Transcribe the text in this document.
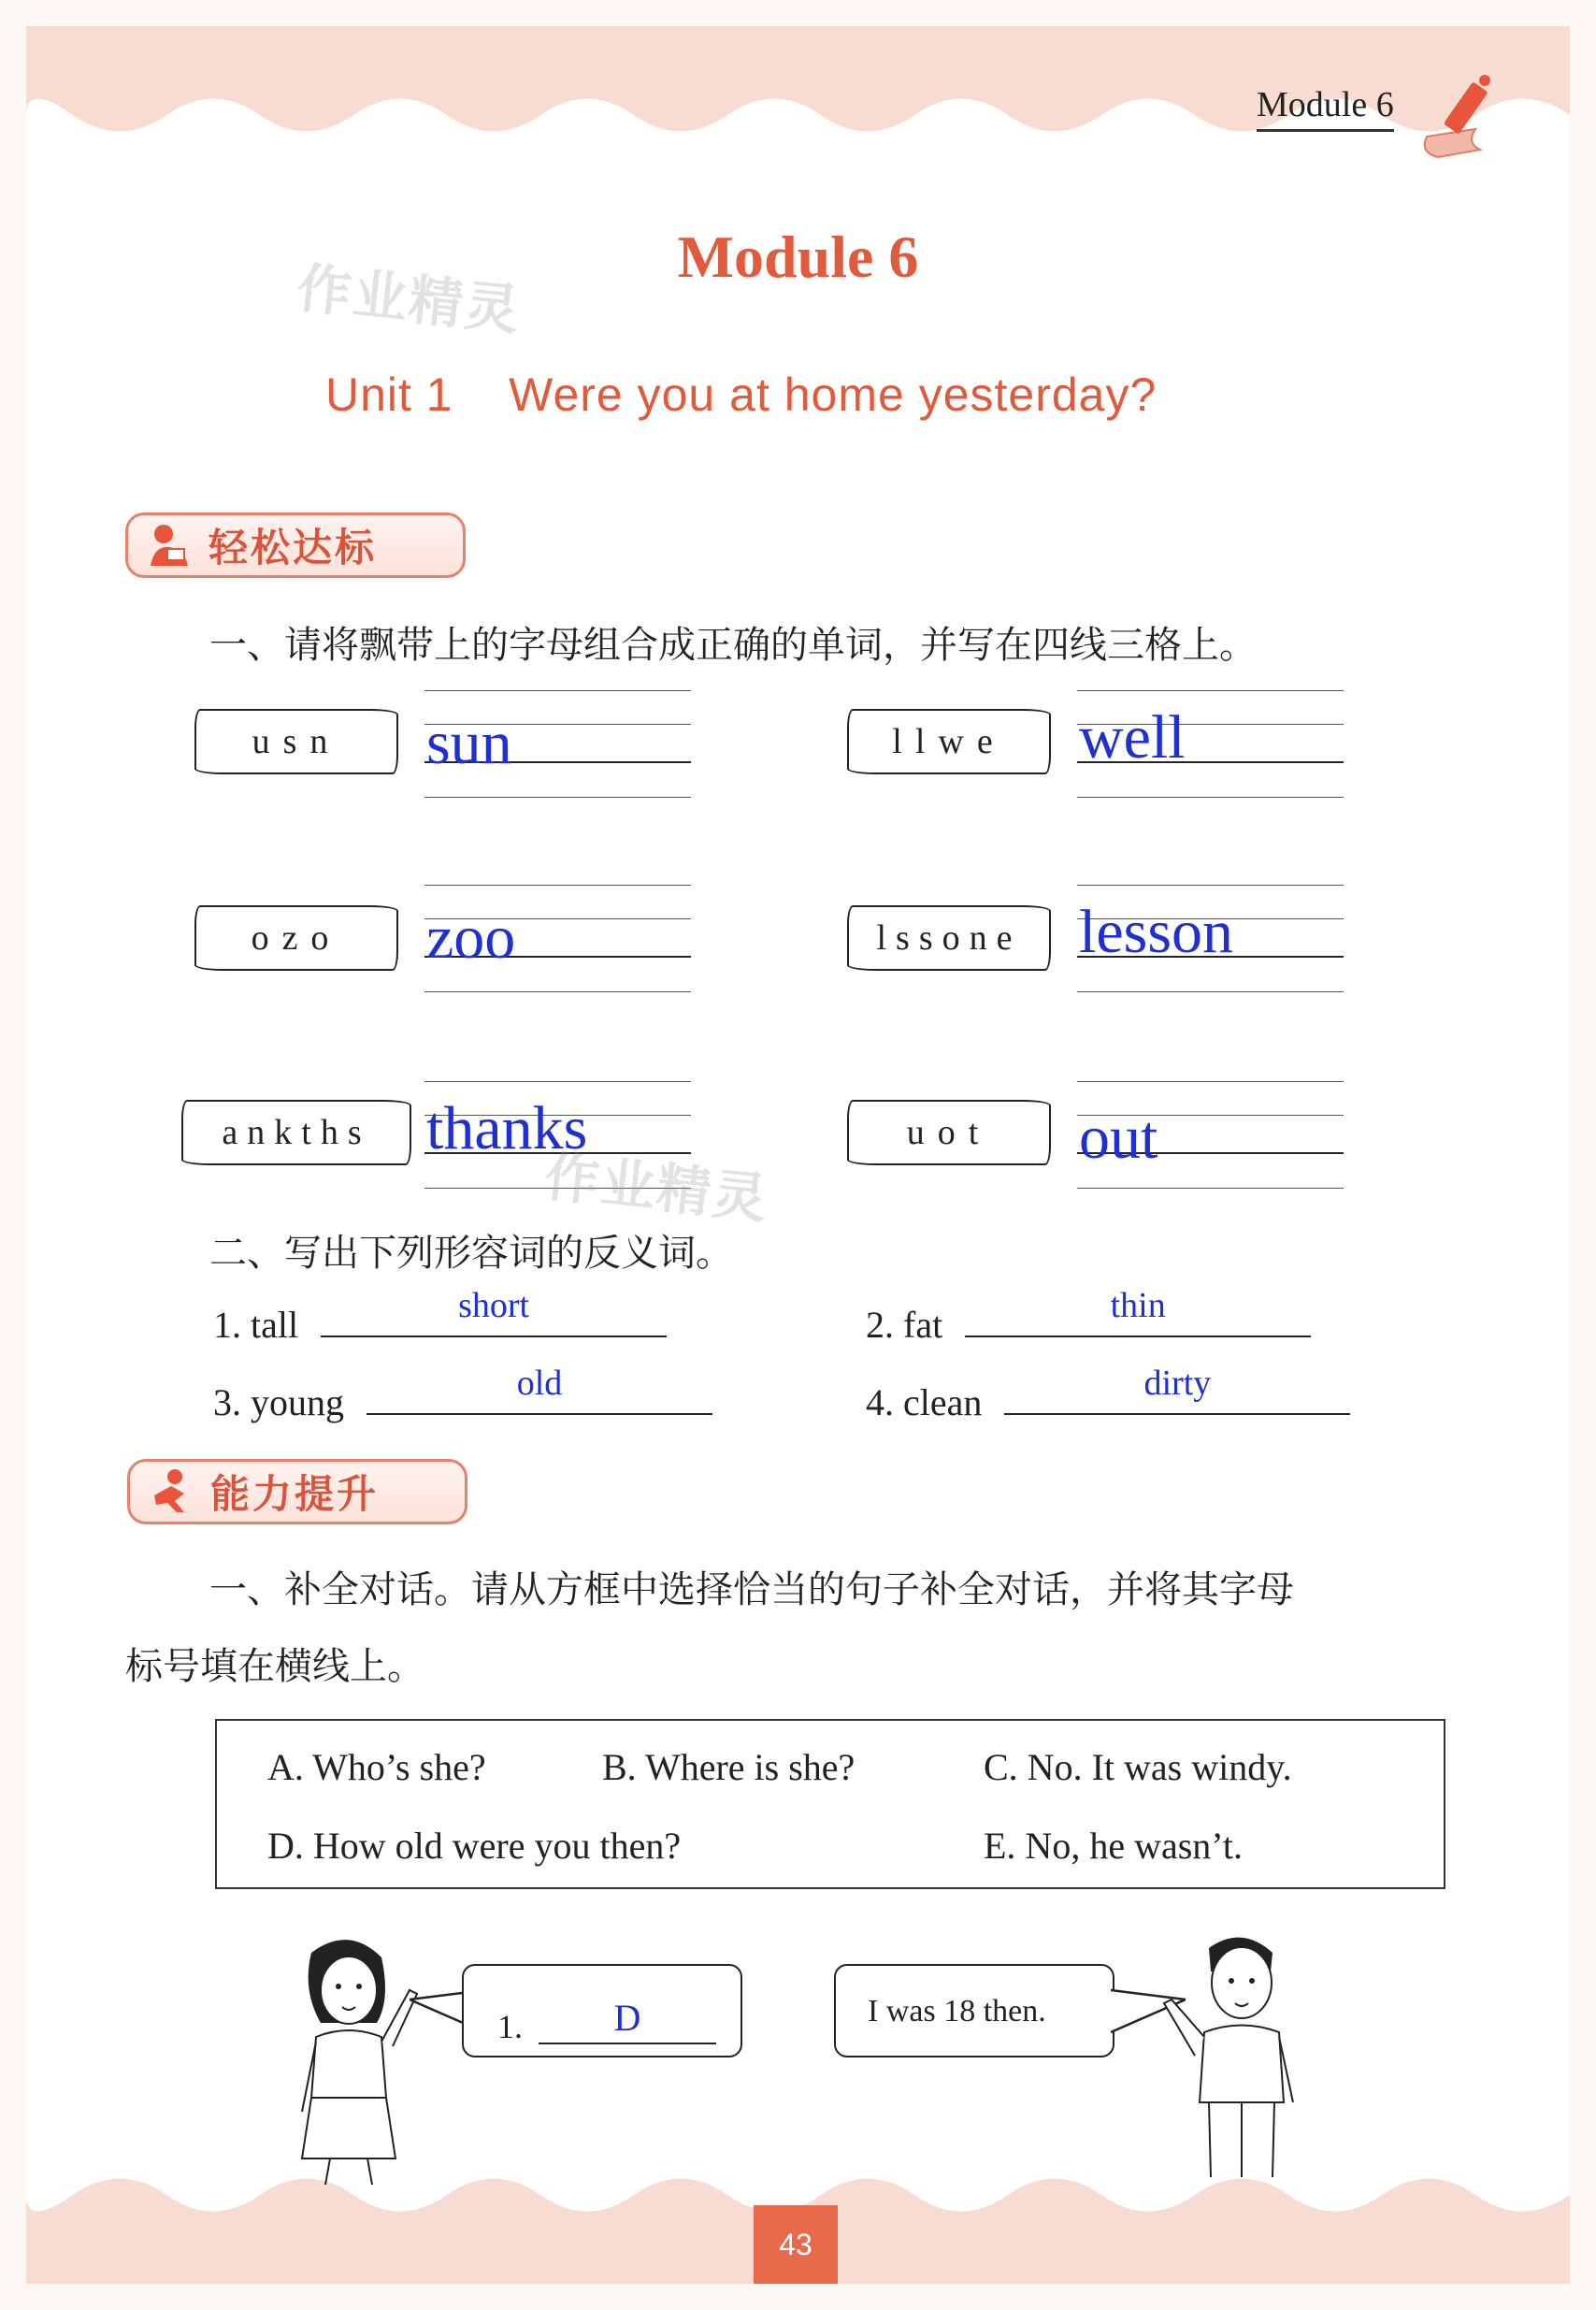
Module 6
Module 6
作业精灵
Unit 1    Were you at home yesterday?
轻松达标
一、请将飘带上的字母组合成正确的单词，并写在四线三格上。
usn	sun	llwe	well
ozo	zoo	lssone lesson
ankths thanks
作业精灵
uot	out
二、写出下列形容词的反义词。
1. tall	short	2. fat	thin
3. young	old	4. clean	dirty
能力提升
一、补全对话。请从方框中选择恰当的句子补全对话，并将其字母
标号填在横线上。
A. Who’s she?	B. Where is she?	C. No. It was windy.
D. How old were you then?	E. No, he wasn’t.
1.	D	I was 18 then.
43
